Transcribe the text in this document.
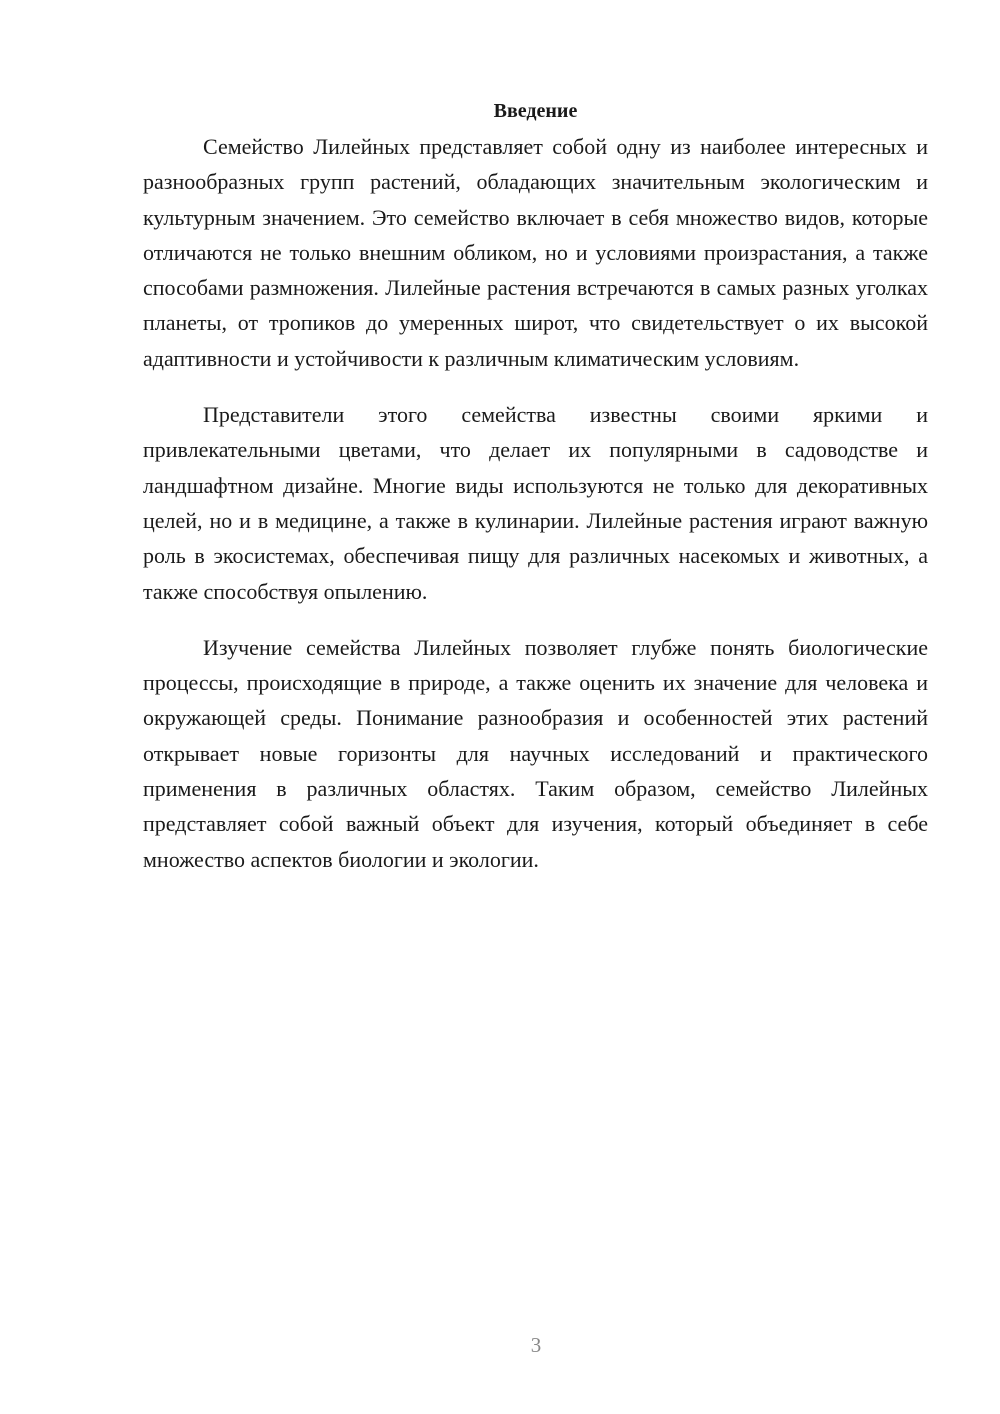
Введение

Семейство Лилейных представляет собой одну из наиболее интересных и разнообразных групп растений, обладающих значительным экологическим и культурным значением. Это семейство включает в себя множество видов, которые отличаются не только внешним обликом, но и условиями произрастания, а также способами размножения. Лилейные растения встречаются в самых разных уголках планеты, от тропиков до умеренных широт, что свидетельствует о их высокой адаптивности и устойчивости к различным климатическим условиям.

Представители этого семейства известны своими яркими и привлекательными цветами, что делает их популярными в садоводстве и ландшафтном дизайне. Многие виды используются не только для декоративных целей, но и в медицине, а также в кулинарии. Лилейные растения играют важную роль в экосистемах, обеспечивая пищу для различных насекомых и животных, а также способствуя опылению.

Изучение семейства Лилейных позволяет глубже понять биологические процессы, происходящие в природе, а также оценить их значение для человека и окружающей среды. Понимание разнообразия и особенностей этих растений открывает новые горизонты для научных исследований и практического применения в различных областях. Таким образом, семейство Лилейных представляет собой важный объект для изучения, который объединяет в себе множество аспектов биологии и экологии.

3
